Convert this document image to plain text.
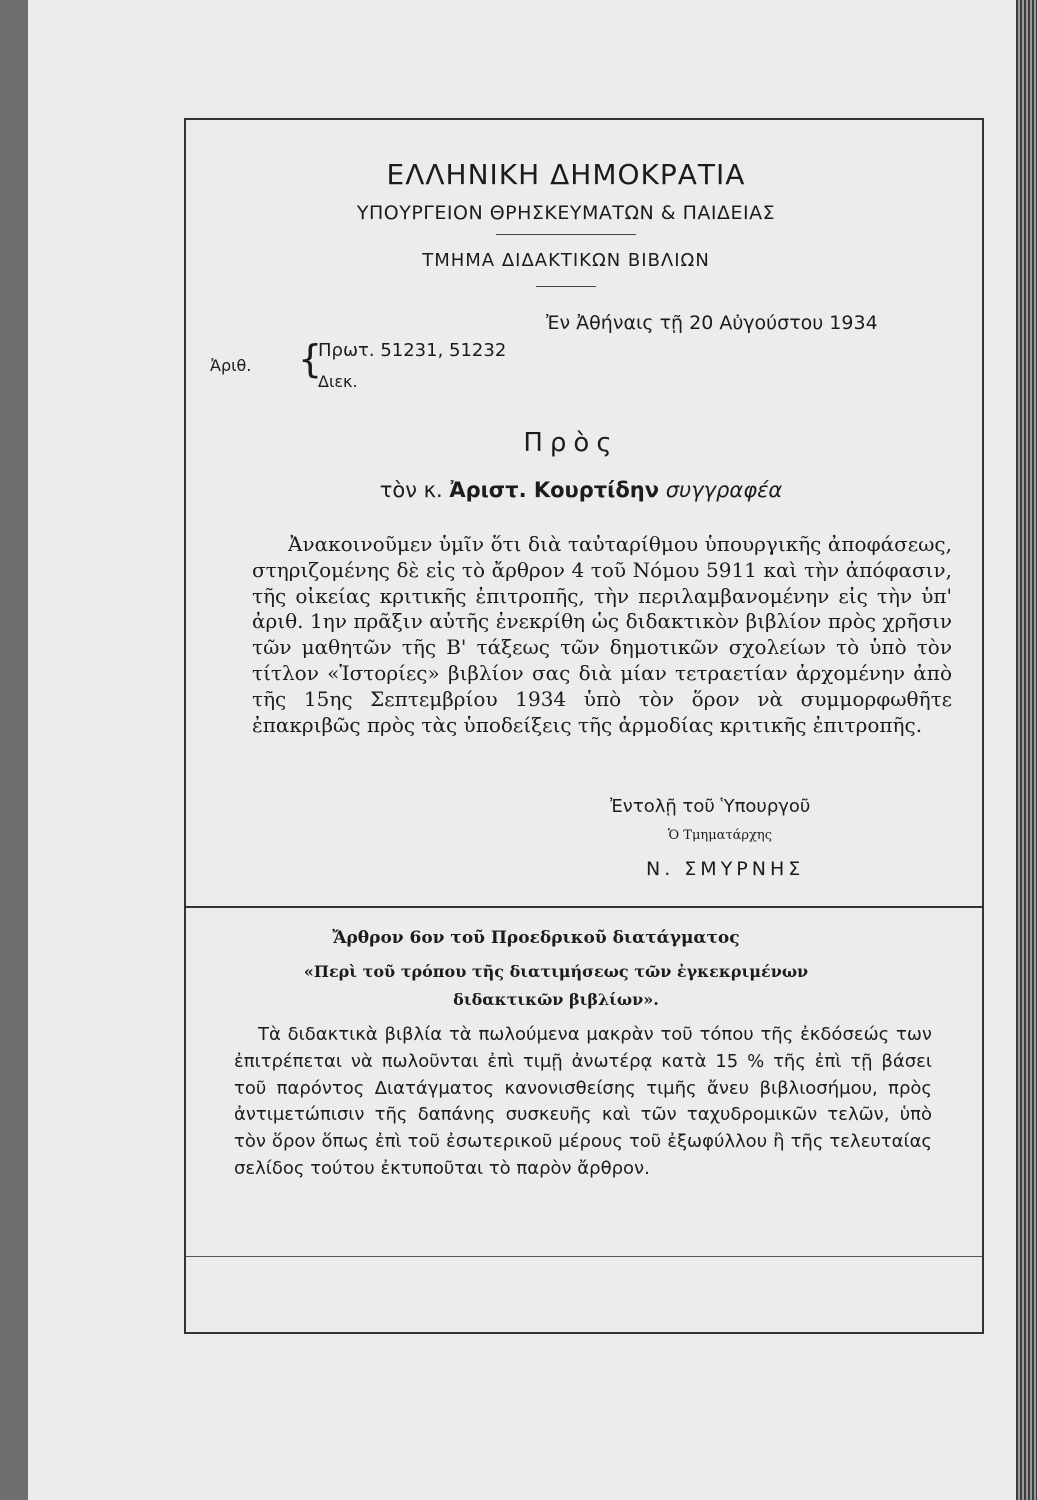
ΕΛΛΗΝΙΚΗ ΔΗΜΟΚΡΑΤΙΑ
ΥΠΟΥΡΓΕΙΟΝ ΘΡΗΣΚΕΥΜΑΤΩΝ & ΠΑΙΔΕΙΑΣ
ΤΜΗΜΑ ΔΙΔΑΚΤΙΚΩΝ ΒΙΒΛΙΩΝ
Ἐν Ἀθήναις τῇ 20 Αὐγούστου 1934
Ἀριθ. {
Πρωτ. 51231, 51232
Διεκ.
Πρὸς
τὸν κ. Ἀριστ. Κουρτίδην συγγραφέα

Ἀνακοινοῦμεν ὑμῖν ὅτι διὰ ταὐταρίθμου ὑπουργικῆς ἀποφάσεως, στηριζομένης δὲ εἰς τὸ ἄρθρον 4 τοῦ Νόμου 5911 καὶ τὴν ἀπόφασιν, τῆς οἰκείας κριτικῆς ἐπιτροπῆς, τὴν περιλαμβανομένην εἰς τὴν ὑπ' ἀριθ. 1ην πρᾶξιν αὐτῆς ἐνεκρίθη ὡς διδακτικὸν βιβλίον πρὸς χρῆσιν τῶν μαθητῶν τῆς Β' τάξεως τῶν δημοτικῶν σχολείων τὸ ὑπὸ τὸν τίτλον «Ἱστορίες» βιβλίον σας διὰ μίαν τετραετίαν ἀρχομένην ἀπὸ τῆς 15ης Σεπτεμβρίου 1934 ὑπὸ τὸν ὅρον νὰ συμμορφωθῆτε ἐπακριβῶς πρὸς τὰς ὑποδείξεις τῆς ἁρμοδίας κριτικῆς ἐπιτροπῆς.

Ἐντολῇ τοῦ Ὑπουργοῦ
Ὁ Τμηματάρχης
Ν. ΣΜΥΡΝΗΣ
Ἄρθρον 6ον τοῦ Προεδρικοῦ διατάγματος
«Περὶ τοῦ τρόπου τῆς διατιμήσεως τῶν ἐγκεκριμένων διδακτικῶν βιβλίων».

Τὰ διδακτικὰ βιβλία τὰ πωλούμενα μακρὰν τοῦ τόπου τῆς ἐκδόσεώς των ἐπιτρέπεται νὰ πωλοῦνται ἐπὶ τιμῇ ἀνωτέρᾳ κατὰ 15 % τῆς ἐπὶ τῇ βάσει τοῦ παρόντος Διατάγματος κανονισθείσης τιμῆς ἄνευ βιβλιοσήμου, πρὸς ἀντιμετώπισιν τῆς δαπάνης συσκευῆς καὶ τῶν ταχυδρομικῶν τελῶν, ὑπὸ τὸν ὅρον ὅπως ἐπὶ τοῦ ἐσωτερικοῦ μέρους τοῦ ἐξωφύλλου ἢ τῆς τελευταίας σελίδος τούτου ἐκτυποῦται τὸ παρὸν ἄρθρον.
